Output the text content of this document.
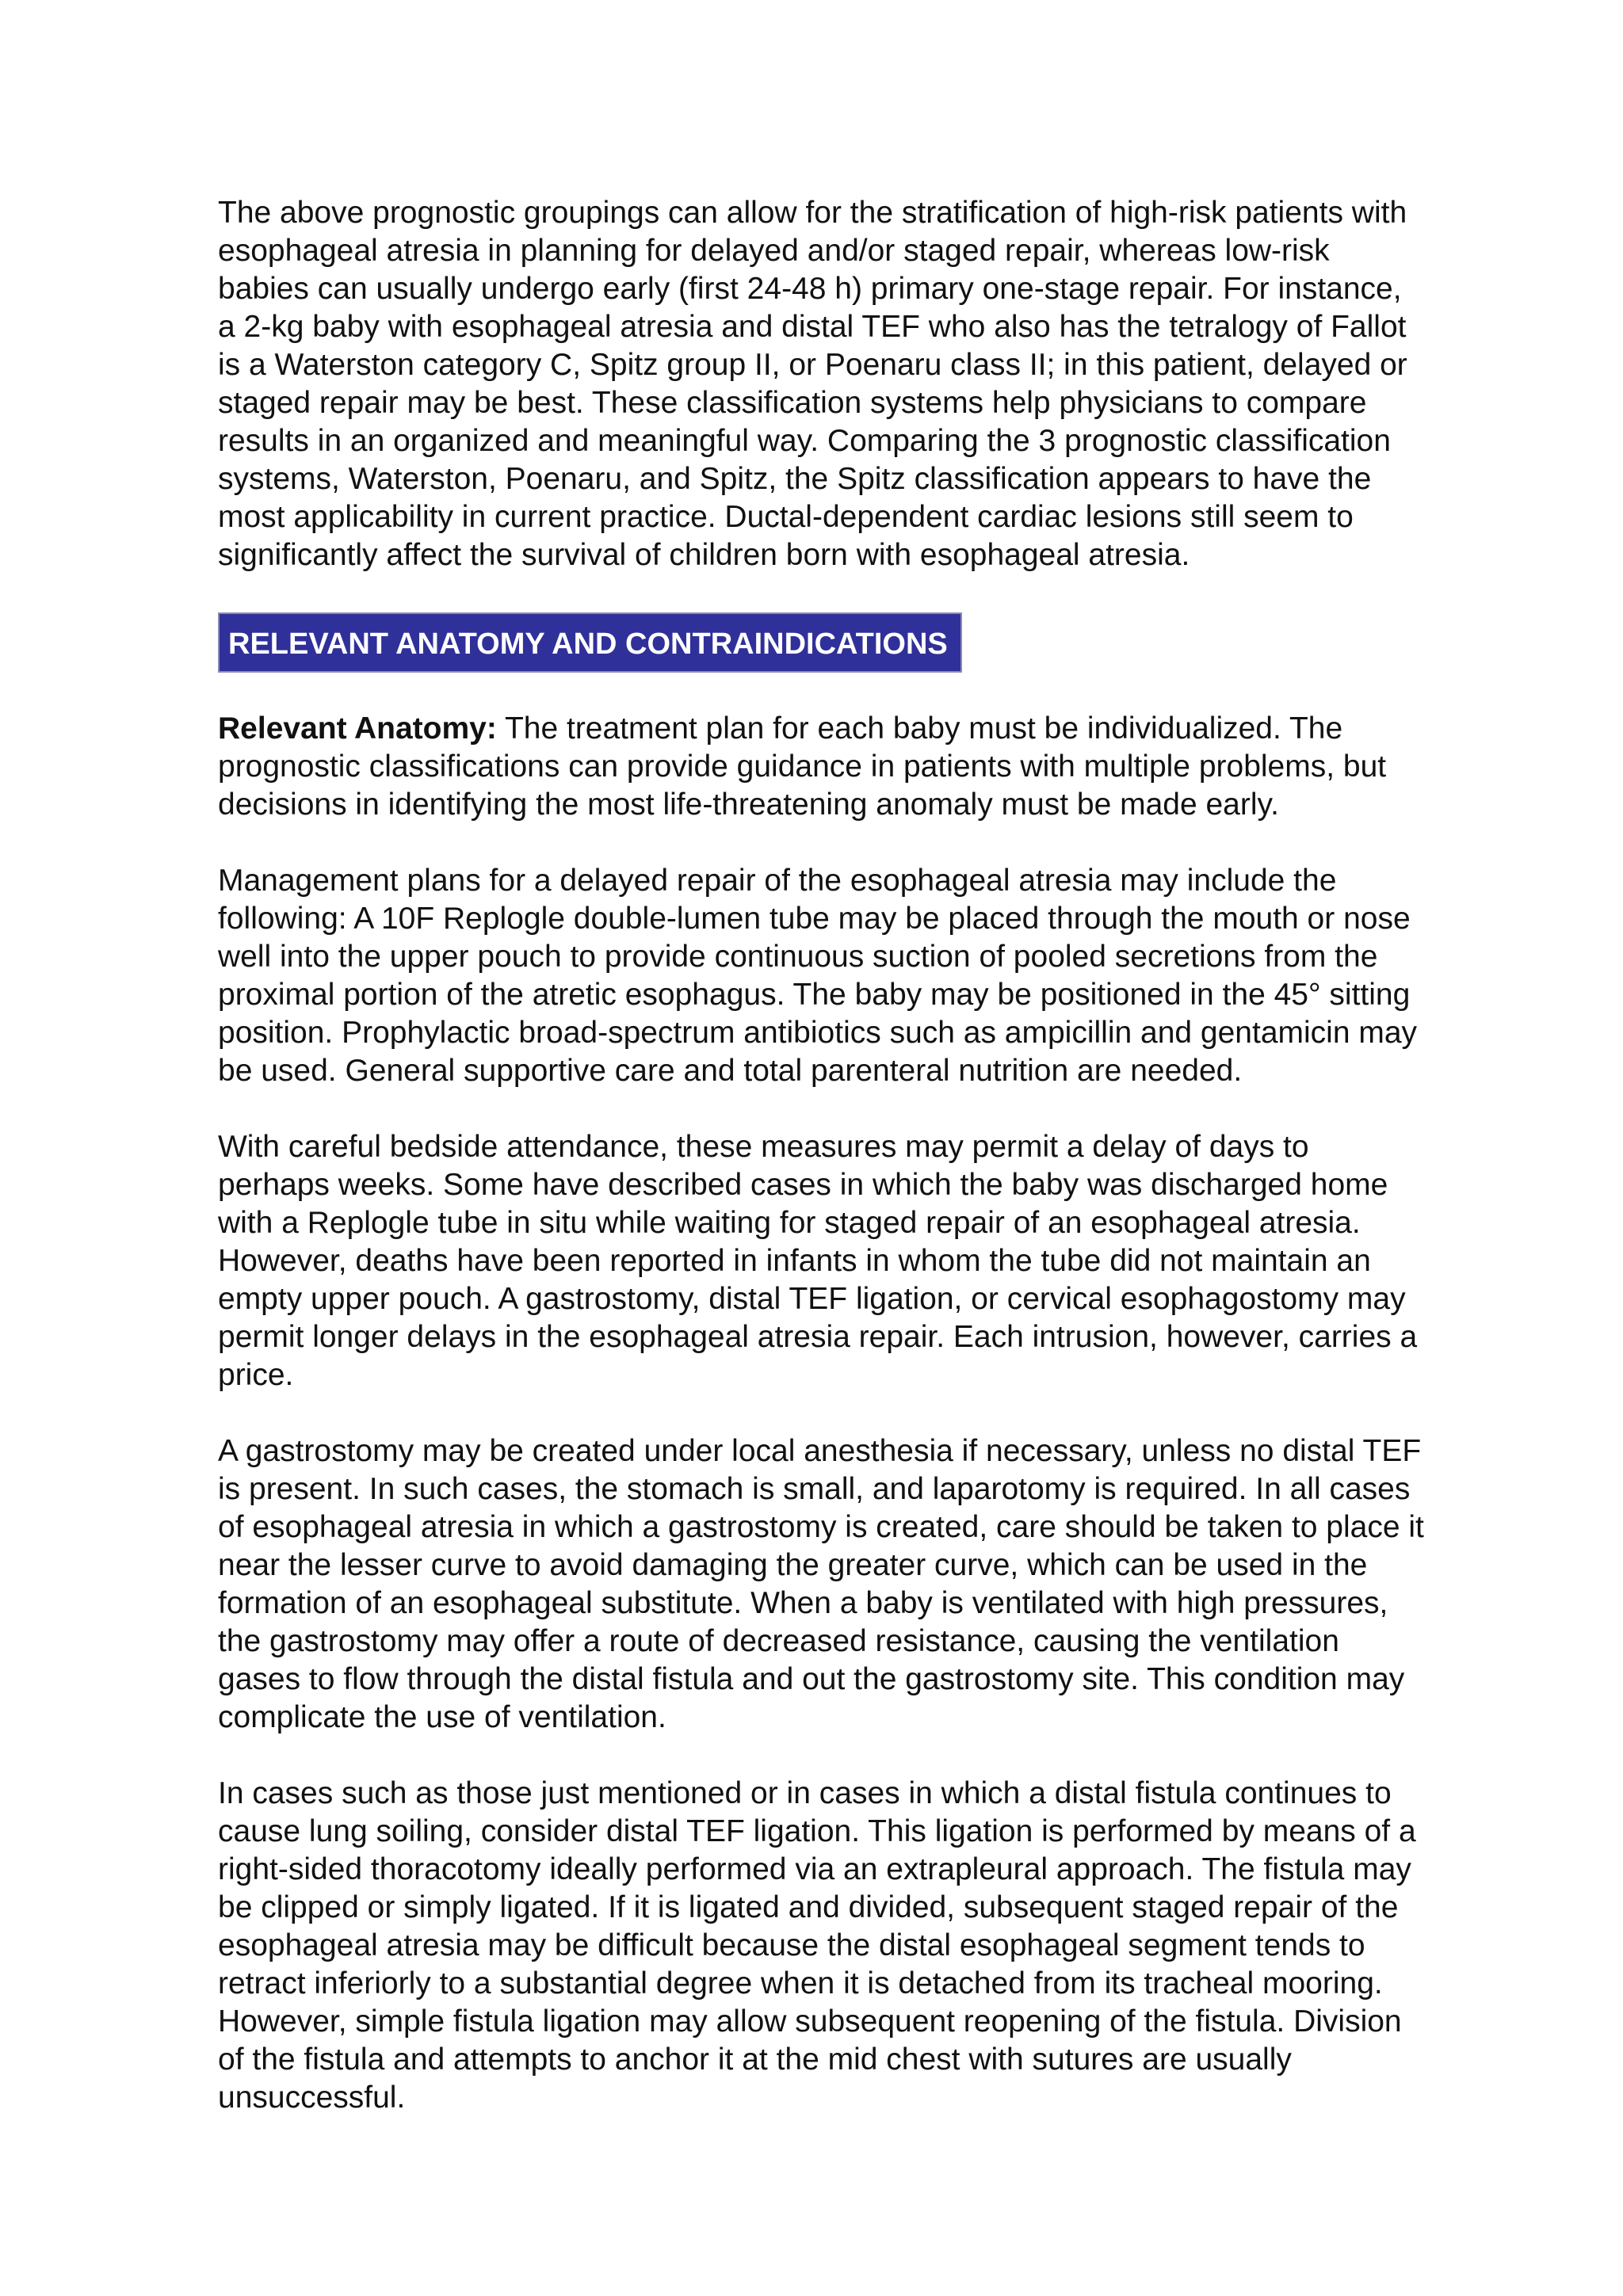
The above prognostic groupings can allow for the stratification of high-risk patients with
esophageal atresia in planning for delayed and/or staged repair, whereas low-risk
babies can usually undergo early (first 24-48 h) primary one-stage repair. For instance,
a 2-kg baby with esophageal atresia and distal TEF who also has the tetralogy of Fallot
is a Waterston category C, Spitz group II, or Poenaru class II; in this patient, delayed or
staged repair may be best. These classification systems help physicians to compare
results in an organized and meaningful way. Comparing the 3 prognostic classification
systems, Waterston, Poenaru, and Spitz, the Spitz classification appears to have the
most applicability in current practice. Ductal-dependent cardiac lesions still seem to
significantly affect the survival of children born with esophageal atresia.

RELEVANT ANATOMY AND CONTRAINDICATIONS

Relevant Anatomy: The treatment plan for each baby must be individualized. The
prognostic classifications can provide guidance in patients with multiple problems, but
decisions in identifying the most life-threatening anomaly must be made early.

Management plans for a delayed repair of the esophageal atresia may include the
following: A 10F Replogle double-lumen tube may be placed through the mouth or nose
well into the upper pouch to provide continuous suction of pooled secretions from the
proximal portion of the atretic esophagus. The baby may be positioned in the 45° sitting
position. Prophylactic broad-spectrum antibiotics such as ampicillin and gentamicin may
be used. General supportive care and total parenteral nutrition are needed.

With careful bedside attendance, these measures may permit a delay of days to
perhaps weeks. Some have described cases in which the baby was discharged home
with a Replogle tube in situ while waiting for staged repair of an esophageal atresia.
However, deaths have been reported in infants in whom the tube did not maintain an
empty upper pouch. A gastrostomy, distal TEF ligation, or cervical esophagostomy may
permit longer delays in the esophageal atresia repair. Each intrusion, however, carries a
price.

A gastrostomy may be created under local anesthesia if necessary, unless no distal TEF
is present. In such cases, the stomach is small, and laparotomy is required. In all cases
of esophageal atresia in which a gastrostomy is created, care should be taken to place it
near the lesser curve to avoid damaging the greater curve, which can be used in the
formation of an esophageal substitute. When a baby is ventilated with high pressures,
the gastrostomy may offer a route of decreased resistance, causing the ventilation
gases to flow through the distal fistula and out the gastrostomy site. This condition may
complicate the use of ventilation.

In cases such as those just mentioned or in cases in which a distal fistula continues to
cause lung soiling, consider distal TEF ligation. This ligation is performed by means of a
right-sided thoracotomy ideally performed via an extrapleural approach. The fistula may
be clipped or simply ligated. If it is ligated and divided, subsequent staged repair of the
esophageal atresia may be difficult because the distal esophageal segment tends to
retract inferiorly to a substantial degree when it is detached from its tracheal mooring.
However, simple fistula ligation may allow subsequent reopening of the fistula. Division
of the fistula and attempts to anchor it at the mid chest with sutures are usually
unsuccessful.
